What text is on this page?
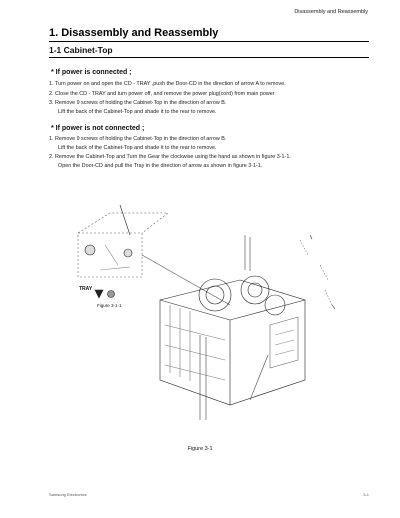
Disassembly and Reassembly
1. Disassembly and Reassembly
1-1 Cabinet-Top
* If power is connected ;
1. Turn power on and open the CD - TRAY ,push the Door-CD in the direction of arrow A to remove.
2. Close the CD - TRAY and turn power off, and remove the power plug(cord) from main power
3. Remove 9 screws of holding the Cabinet-Top in the direction of arrow B.
Lift the back of the Cabinet-Top and shade it to the rear to remove.
* If power is not connected ;
1. Remove 9 screws of holding the Cabinet-Top in the direction of arrow B.
Lift the back of the Cabinet-Top and shade it to the rear to remove.
2. Remove the Cabinet-Top and Turn the Gear the clockwise using the hand as shown in figure 3-1-1.
Open the Door-CD and pull the Tray in the direction of arrow as shown in figure 3-1-1.
TRAY
Figure 3-1-1
Figure 3-1
Samsung Electronics	3-1
